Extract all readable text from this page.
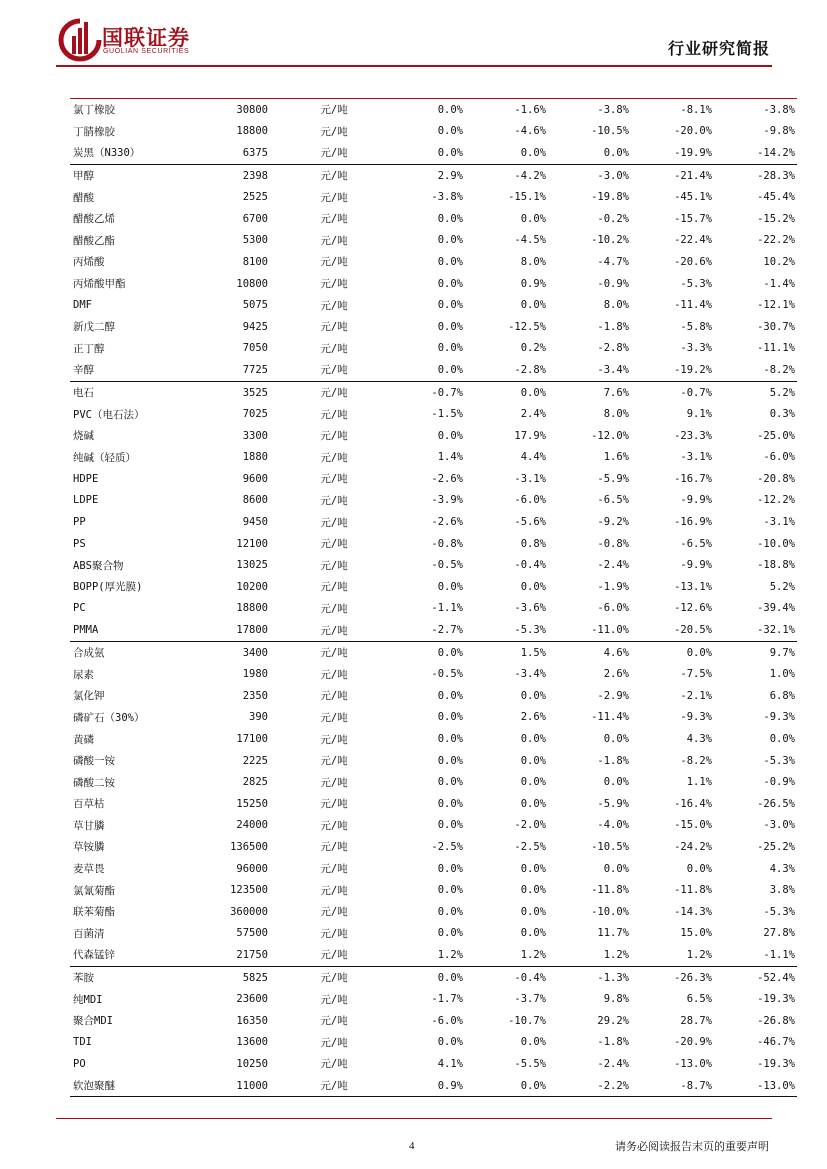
国联证券
GUOLIAN SECURITIES	行业研究简报
氯丁橡胶	30800	元/吨	0.0%	-1.6%	-3.8%	-8.1%	-3.8%
丁腈橡胶	18800	元/吨	0.0%	-4.6%	-10.5%	-20.0%	-9.8%
炭黑（N330）	6375	元/吨	0.0%	0.0%	0.0%	-19.9%	-14.2%
甲醇	2398	元/吨	2.9%	-4.2%	-3.0%	-21.4%	-28.3%
醋酸	2525	元/吨	-3.8%	-15.1%	-19.8%	-45.1%	-45.4%
醋酸乙烯	6700	元/吨	0.0%	0.0%	-0.2%	-15.7%	-15.2%
醋酸乙酯	5300	元/吨	0.0%	-4.5%	-10.2%	-22.4%	-22.2%
丙烯酸	8100	元/吨	0.0%	8.0%	-4.7%	-20.6%	10.2%
丙烯酸甲酯	10800	元/吨	0.0%	0.9%	-0.9%	-5.3%	-1.4%
DMF	5075	元/吨	0.0%	0.0%	8.0%	-11.4%	-12.1%
新戊二醇	9425	元/吨	0.0%	-12.5%	-1.8%	-5.8%	-30.7%
正丁醇	7050	元/吨	0.0%	0.2%	-2.8%	-3.3%	-11.1%
辛醇	7725	元/吨	0.0%	-2.8%	-3.4%	-19.2%	-8.2%
电石	3525	元/吨	-0.7%	0.0%	7.6%	-0.7%	5.2%
PVC（电石法）	7025	元/吨	-1.5%	2.4%	8.0%	9.1%	0.3%
烧碱	3300	元/吨	0.0%	17.9%	-12.0%	-23.3%	-25.0%
纯碱（轻质）	1880	元/吨	1.4%	4.4%	1.6%	-3.1%	-6.0%
HDPE	9600	元/吨	-2.6%	-3.1%	-5.9%	-16.7%	-20.8%
LDPE	8600	元/吨	-3.9%	-6.0%	-6.5%	-9.9%	-12.2%
PP	9450	元/吨	-2.6%	-5.6%	-9.2%	-16.9%	-3.1%
PS	12100	元/吨	-0.8%	0.8%	-0.8%	-6.5%	-10.0%
ABS聚合物	13025	元/吨	-0.5%	-0.4%	-2.4%	-9.9%	-18.8%
BOPP(厚光膜)	10200	元/吨	0.0%	0.0%	-1.9%	-13.1%	5.2%
PC	18800	元/吨	-1.1%	-3.6%	-6.0%	-12.6%	-39.4%
PMMA	17800	元/吨	-2.7%	-5.3%	-11.0%	-20.5%	-32.1%
合成氨	3400	元/吨	0.0%	1.5%	4.6%	0.0%	9.7%
尿素	1980	元/吨	-0.5%	-3.4%	2.6%	-7.5%	1.0%
氯化钾	2350	元/吨	0.0%	0.0%	-2.9%	-2.1%	6.8%
磷矿石（30%）	390	元/吨	0.0%	2.6%	-11.4%	-9.3%	-9.3%
黄磷	17100	元/吨	0.0%	0.0%	0.0%	4.3%	0.0%
磷酸一铵	2225	元/吨	0.0%	0.0%	-1.8%	-8.2%	-5.3%
磷酸二铵	2825	元/吨	0.0%	0.0%	0.0%	1.1%	-0.9%
百草枯	15250	元/吨	0.0%	0.0%	-5.9%	-16.4%	-26.5%
草甘膦	24000	元/吨	0.0%	-2.0%	-4.0%	-15.0%	-3.0%
草铵膦	136500	元/吨	-2.5%	-2.5%	-10.5%	-24.2%	-25.2%
麦草畏	96000	元/吨	0.0%	0.0%	0.0%	0.0%	4.3%
氯氰菊酯	123500	元/吨	0.0%	0.0%	-11.8%	-11.8%	3.8%
联苯菊酯	360000	元/吨	0.0%	0.0%	-10.0%	-14.3%	-5.3%
百菌清	57500	元/吨	0.0%	0.0%	11.7%	15.0%	27.8%
代森锰锌	21750	元/吨	1.2%	1.2%	1.2%	1.2%	-1.1%
苯胺	5825	元/吨	0.0%	-0.4%	-1.3%	-26.3%	-52.4%
纯MDI	23600	元/吨	-1.7%	-3.7%	9.8%	6.5%	-19.3%
聚合MDI	16350	元/吨	-6.0%	-10.7%	29.2%	28.7%	-26.8%
TDI	13600	元/吨	0.0%	0.0%	-1.8%	-20.9%	-46.7%
PO	10250	元/吨	4.1%	-5.5%	-2.4%	-13.0%	-19.3%
软泡聚醚	11000	元/吨	0.9%	0.0%	-2.2%	-8.7%	-13.0%
4	请务必阅读报告末页的重要声明
